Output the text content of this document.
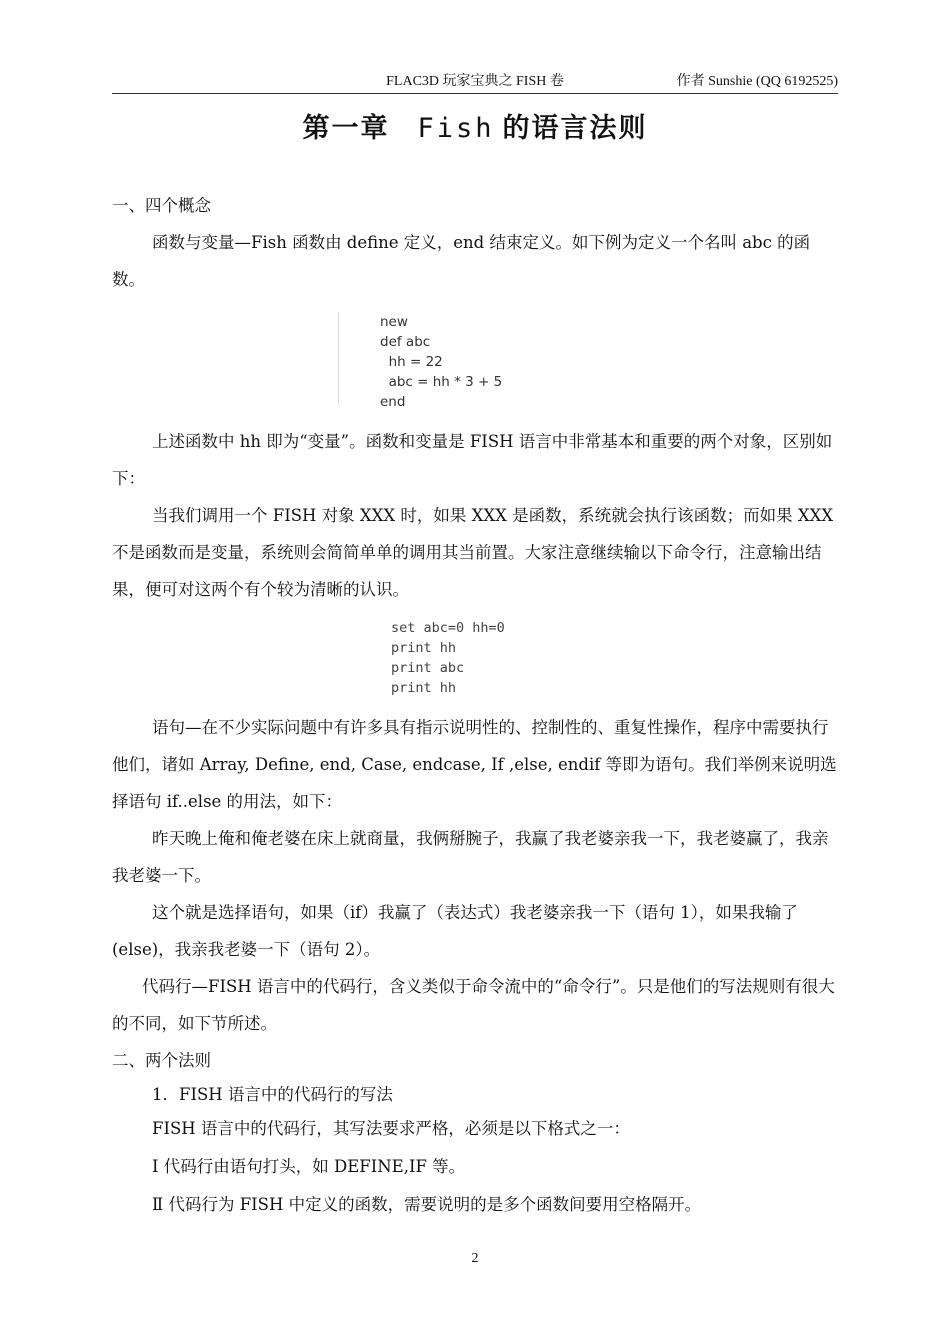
FLAC3D 玩家宝典之 FISH 卷	作者 Sunshie (QQ 6192525)
第一章 Fish 的语言法则

一、四个概念

函数与变量—Fish 函数由 define 定义，end 结束定义。如下例为定义一个名叫 abc 的函数。

new
def abc
hh = 22
abc = hh * 3 + 5
end

上述函数中 hh 即为“变量”。函数和变量是 FISH 语言中非常基本和重要的两个对象，区别如下：

当我们调用一个 FISH 对象 XXX 时，如果 XXX 是函数，系统就会执行该函数；而如果 XXX 不是函数而是变量，系统则会简简单单的调用其当前置。大家注意继续输以下命令行，注意输出结果，便可对这两个有个较为清晰的认识。

set abc=0 hh=0
print hh
print abc
print hh

语句—在不少实际问题中有许多具有指示说明性的、控制性的、重复性操作，程序中需要执行他们，诸如 Array, Define, end, Case, endcase, If ,else, endif 等即为语句。我们举例来说明选择语句 if..else 的用法，如下：

昨天晚上俺和俺老婆在床上就商量，我俩掰腕子，我赢了我老婆亲我一下，我老婆赢了，我亲我老婆一下。

这个就是选择语句，如果（if）我赢了（表达式）我老婆亲我一下（语句 1），如果我输了(else)，我亲我老婆一下（语句 2）。

代码行—FISH 语言中的代码行，含义类似于命令流中的“命令行”。只是他们的写法规则有很大的不同，如下节所述。

二、两个法则

1．FISH 语言中的代码行的写法

FISH 语言中的代码行，其写法要求严格，必须是以下格式之一：

Ⅰ 代码行由语句打头，如 DEFINE,IF 等。

Ⅱ 代码行为 FISH 中定义的函数，需要说明的是多个函数间要用空格隔开。

2
